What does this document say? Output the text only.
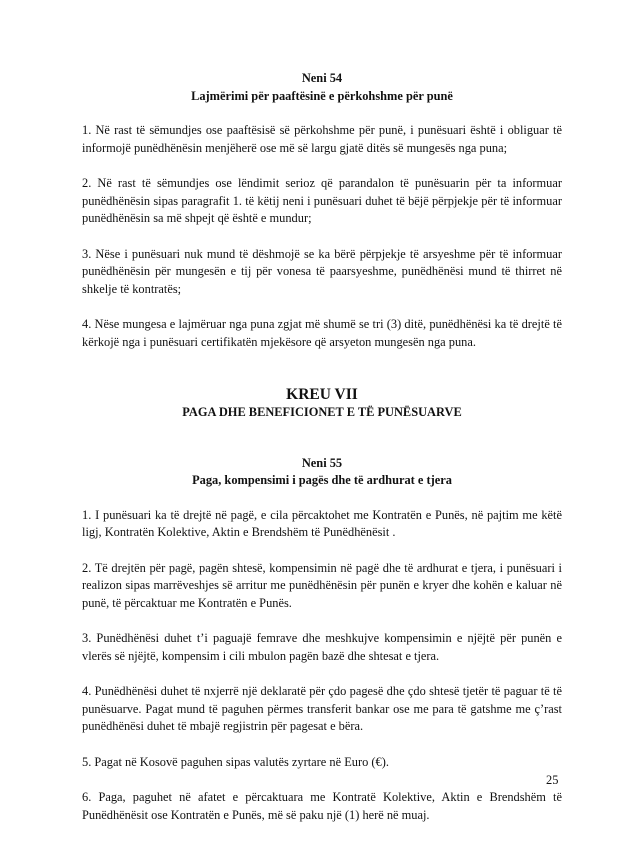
Neni 54
Lajmërimi për paaftësinë e përkohshme për punë

1. Në rast të sëmundjes ose paaftësisë së përkohshme për punë, i punësuari është i obliguar të informojë punëdhënësin menjëherë ose më së largu gjatë ditës së mungesës nga puna;

2. Në rast të sëmundjes ose lëndimit serioz që parandalon të punësuarin për ta informuar punëdhënësin sipas paragrafit 1. të këtij neni i punësuari duhet të bëjë përpjekje për të informuar punëdhënësin sa më shpejt që është e mundur;

3. Nëse i punësuari nuk mund të dëshmojë se ka bërë përpjekje të arsyeshme për të informuar punëdhënësin për mungesën e tij për vonesa të paarsyeshme, punëdhënësi mund të thirret në shkelje të kontratës;

4. Nëse mungesa e lajmëruar nga puna zgjat më shumë se tri (3) ditë, punëdhënësi ka të drejtë të kërkojë nga i punësuari certifikatën mjekësore që arsyeton mungesën nga puna.

KREU VII
PAGA DHE BENEFICIONET E TË PUNËSUARVE
Neni 55
Paga, kompensimi i pagës dhe të ardhurat e tjera

1. I punësuari ka të drejtë në pagë, e cila përcaktohet me Kontratën e Punës, në pajtim me këtë ligj, Kontratën Kolektive, Aktin e Brendshëm të Punëdhënësit .

2. Të drejtën për pagë, pagën shtesë, kompensimin në pagë dhe të ardhurat e tjera, i punësuari i realizon sipas marrëveshjes së arritur me punëdhënësin për punën e kryer dhe kohën e kaluar në punë, të përcaktuar me Kontratën e Punës.

3. Punëdhënësi duhet t’i paguajë femrave dhe meshkujve kompensimin e njëjtë për punën e vlerës së njëjtë, kompensim i cili mbulon pagën bazë dhe shtesat e tjera.

4. Punëdhënësi duhet të nxjerrë një deklaratë për çdo pagesë dhe çdo shtesë tjetër të paguar të të punësuarve. Pagat mund të paguhen përmes transferit bankar ose me para të gatshme me ç’rast punëdhënësi duhet të mbajë regjistrin për pagesat e bëra.

5. Pagat në Kosovë paguhen sipas valutës zyrtare në Euro (€).

6. Paga, paguhet në afatet e përcaktuara me Kontratë Kolektive, Aktin e Brendshëm të Punëdhënësit ose Kontratën e Punës, më së paku një (1) herë në muaj.

25
